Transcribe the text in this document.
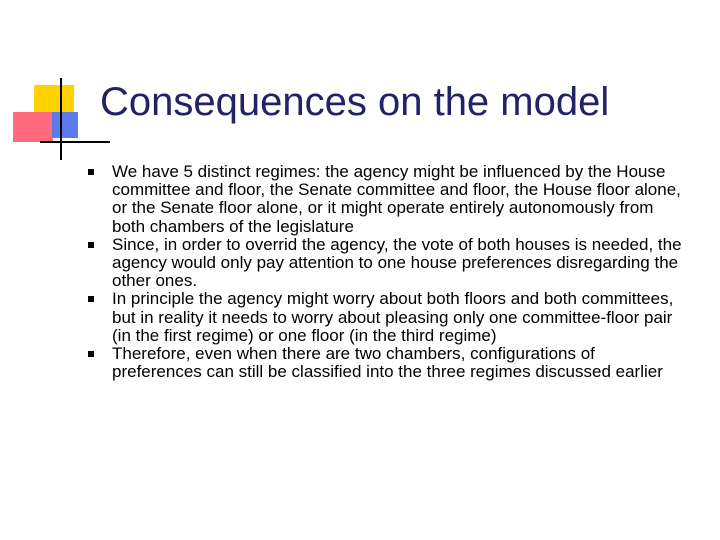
Consequences on the model
We have 5 distinct regimes: the agency might be influenced by the House committee and floor, the Senate committee and floor, the House floor alone, or the Senate floor alone, or it might operate entirely autonomously from both chambers of the legislature
Since, in order to overrid the agency, the vote of both houses is needed, the agency would only pay attention to one house preferences disregarding the other ones.
In principle the agency might worry about both floors and both committees, but in reality it needs to worry about pleasing only one committee-floor pair (in the first regime) or one floor (in the third regime)
Therefore, even when there are two chambers, configurations of preferences can still be classified into the three regimes discussed earlier
